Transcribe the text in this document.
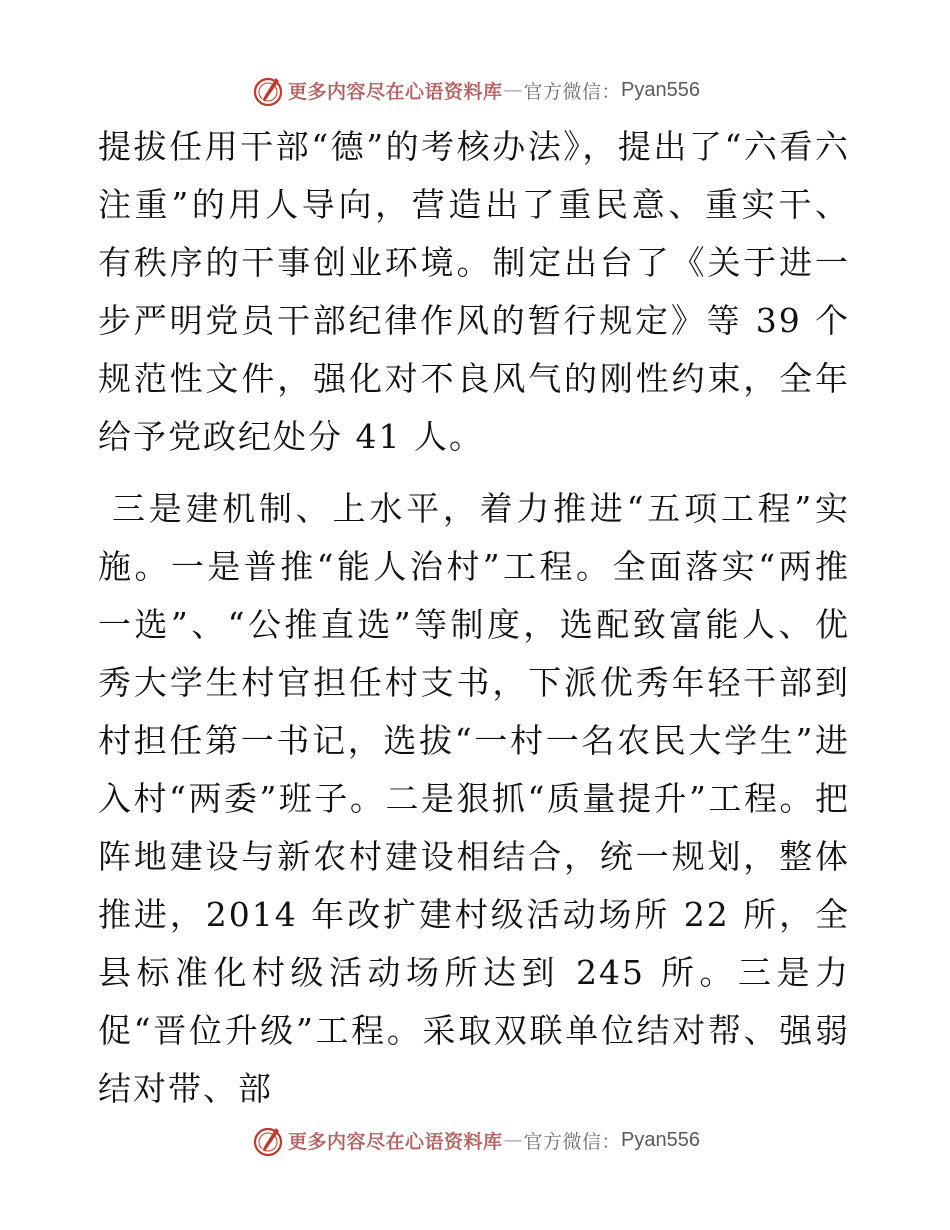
更多内容尽在心语资料库 — 官方微信： Pyan556

提拔任用干部“德”的考核办法》，提出了“六看六注重”的用人导向，营造出了重民意、重实干、有秩序的干事创业环境。制定出台了《关于进一步严明党员干部纪律作风的暂行规定》等 39 个规范性文件，强化对不良风气的刚性约束，全年给予党政纪处分 41 人。

三是建机制、上水平，着力推进“五项工程”实施。一是普推“能人治村”工程。全面落实“两推一选”、“公推直选”等制度，选配致富能人、优秀大学生村官担任村支书，下派优秀年轻干部到村担任第一书记，选拔“一村一名农民大学生”进入村“两委”班子。二是狠抓“质量提升”工程。把阵地建设与新农村建设相结合，统一规划，整体推进，2014 年改扩建村级活动场所 22 所，全县标准化村级活动场所达到 245 所。三是力促“晋位升级”工程。采取双联单位结对帮、强弱结对带、部

更多内容尽在心语资料库 — 官方微信： Pyan556
